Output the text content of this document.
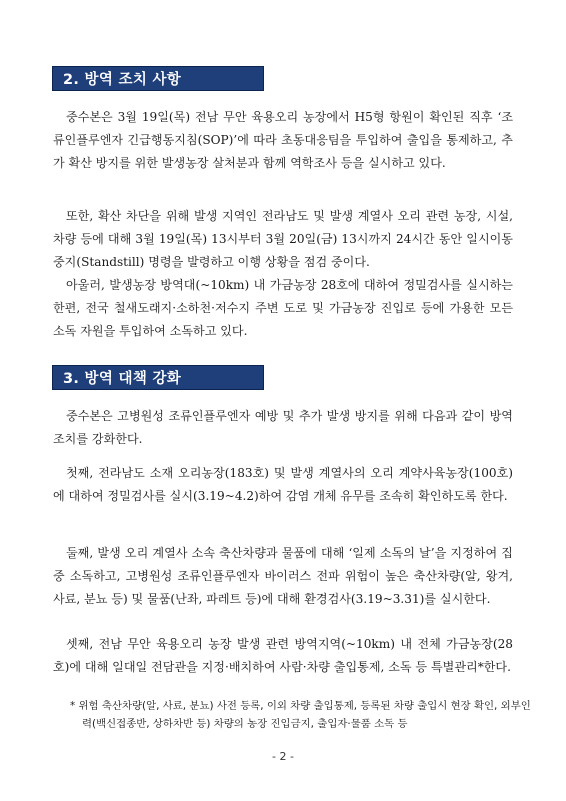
2. 방역 조치 사항

중수본은 3월 19일(목) 전남 무안 육용오리 농장에서 H5형 항원이 확인된 직후 ‘조류인플루엔자 긴급행동지침(SOP)’에 따라 초동대응팀을 투입하여 출입을 통제하고, 추가 확산 방지를 위한 발생농장 살처분과 함께 역학조사 등을 실시하고 있다.

또한, 확산 차단을 위해 발생 지역인 전라남도 및 발생 계열사 오리 관련 농장, 시설, 차량 등에 대해 3월 19일(목) 13시부터 3월 20일(금) 13시까지 24시간 동안 일시이동중지(Standstill) 명령을 발령하고 이행 상황을 점검 중이다.

아울러, 발생농장 방역대(~10km) 내 가금농장 28호에 대하여 정밀검사를 실시하는 한편, 전국 철새도래지·소하천·저수지 주변 도로 및 가금농장 진입로 등에 가용한 모든 소독 자원을 투입하여 소독하고 있다.

3. 방역 대책 강화

중수본은 고병원성 조류인플루엔자 예방 및 추가 발생 방지를 위해 다음과 같이 방역 조치를 강화한다.

첫째, 전라남도 소재 오리농장(183호) 및 발생 계열사의 오리 계약사육농장(100호)에 대하여 정밀검사를 실시(3.19~4.2)하여 감염 개체 유무를 조속히 확인하도록 한다.

둘째, 발생 오리 계열사 소속 축산차량과 물품에 대해 ‘일제 소독의 날’을 지정하여 집중 소독하고, 고병원성 조류인플루엔자 바이러스 전파 위험이 높은 축산차량(알, 왕겨, 사료, 분뇨 등) 및 물품(난좌, 파레트 등)에 대해 환경검사(3.19~3.31)를 실시한다.

셋째, 전남 무안 육용오리 농장 발생 관련 방역지역(~10km) 내 전체 가금농장(28호)에 대해 일대일 전담관을 지정·배치하여 사람·차량 출입통제, 소독 등 특별관리*한다.

* 위험 축산차량(알, 사료, 분뇨) 사전 등록, 이외 차량 출입통제, 등록된 차량 출입시 현장 확인, 외부인력(백신접종반, 상하차반 등) 차량의 농장 진입금지, 출입자·물품 소독 등

- 2 -
